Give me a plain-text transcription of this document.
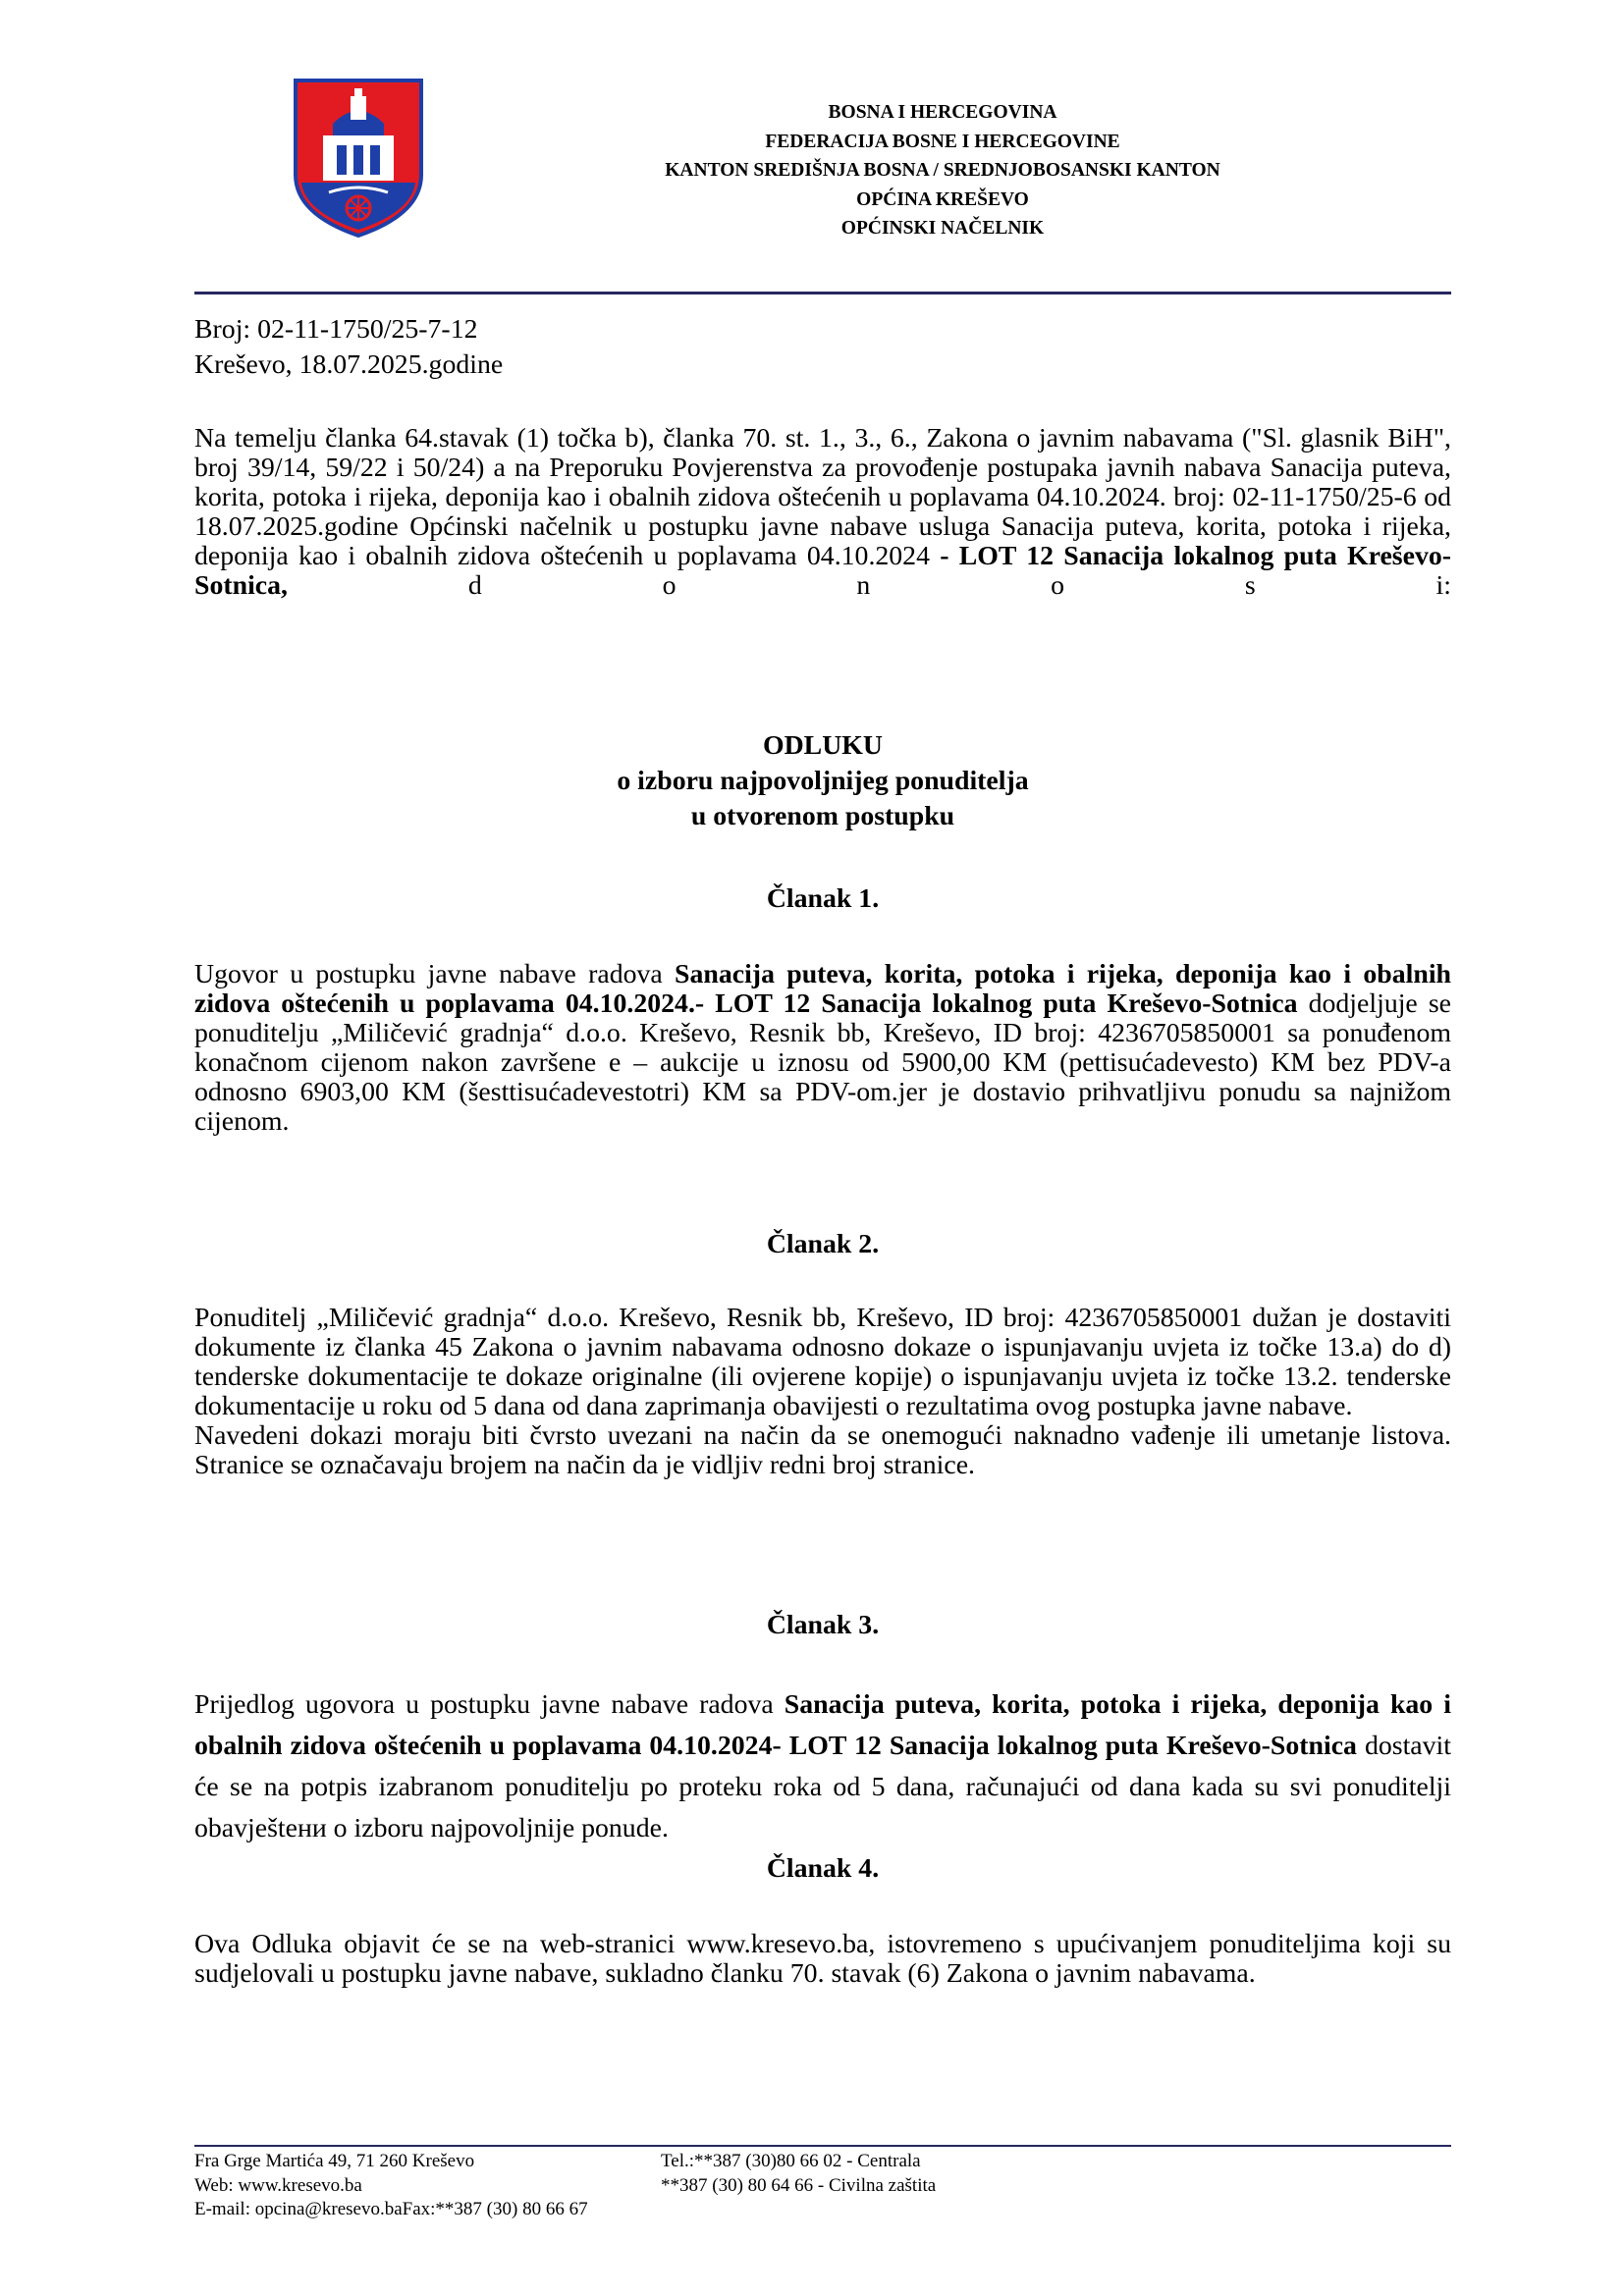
BOSNA I HERCEGOVINA
FEDERACIJA BOSNE I HERCEGOVINE
KANTON SREDIŠNJA BOSNA / SREDNJOBOSANSKI KANTON
OPĆINA KREŠEVO
OPĆINSKI NAČELNIK
Broj: 02-11-1750/25-7-12
Kreševo, 18.07.2025.godine

Na temelju članka 64.stavak (1) točka b), članka 70. st. 1., 3., 6., Zakona o javnim nabavama ("Sl. glasnik BiH", broj 39/14, 59/22 i 50/24) a na Preporuku Povjerenstva za provođenje postupaka javnih nabava Sanacija puteva, korita, potoka i rijeka, deponija kao i obalnih zidova oštećenih u poplavama 04.10.2024. broj: 02-11-1750/25-6 od 18.07.2025.godine Općinski načelnik u postupku javne nabave usluga Sanacija puteva, korita, potoka i rijeka, deponija kao i obalnih zidova oštećenih u poplavama 04.10.2024 - LOT 12 Sanacija lokalnog puta Kreševo-Sotnica, d o n o s i:

ODLUKU
o izboru najpovoljnijeg ponuditelja
u otvorenom postupku
Članak 1.

Ugovor u postupku javne nabave radova Sanacija puteva, korita, potoka i rijeka, deponija kao i obalnih zidova oštećenih u poplavama 04.10.2024.- LOT 12 Sanacija lokalnog puta Kreševo-Sotnica dodjeljuje se ponuditelju „Miličević gradnja“ d.o.o. Kreševo, Resnik bb, Kreševo, ID broj: 4236705850001 sa ponuđenom konačnom cijenom nakon završene e – aukcije u iznosu od 5900,00 KM (pettisućadevesto) KM bez PDV-a odnosno 6903,00 KM (šesttisućadevestotri) KM sa PDV-om.jer je dostavio prihvatljivu ponudu sa najnižom cijenom.

Članak 2.

Ponuditelj „Miličević gradnja“ d.o.o. Kreševo, Resnik bb, Kreševo, ID broj: 4236705850001 dužan je dostaviti dokumente iz članka 45 Zakona o javnim nabavama odnosno dokaze o ispunjavanju uvjeta iz točke 13.a) do d) tenderske dokumentacije te dokaze originalne (ili ovjerene kopije) o ispunjavanju uvjeta iz točke 13.2. tenderske dokumentacije u roku od 5 dana od dana zaprimanja obavijesti o rezultatima ovog postupka javne nabave.

Navedeni dokazi moraju biti čvrsto uvezani na način da se onemogući naknadno vađenje ili umetanje listova. Stranice se označavaju brojem na način da je vidljiv redni broj stranice.

Članak 3.

Prijedlog ugovora u postupku javne nabave radova Sanacija puteva, korita, potoka i rijeka, deponija kao i obalnih zidova oštećenih u poplavama 04.10.2024- LOT 12 Sanacija lokalnog puta Kreševo-Sotnica dostavit će se na potpis izabranom ponuditelju po proteku roka od 5 dana, računajući od dana kada su svi ponuditelji obavještени o izboru najpovoljnije ponude.

Članak 4.

Ova Odluka objavit će se na web-stranici www.kresevo.ba, istovremeno s upućivanjem ponuditeljima koji su sudjelovali u postupku javne nabave, sukladno članku 70. stavak (6) Zakona o javnim nabavama.

Fra Grge Martića 49, 71 260 Kreševo	Tel.:**387 (30)80 66 02 - Centrala
Web: www.kresevo.ba	**387 (30) 80 64 66 - Civilna zaštita
E-mail: opcina@kresevo.baFax:**387 (30) 80 66 67
